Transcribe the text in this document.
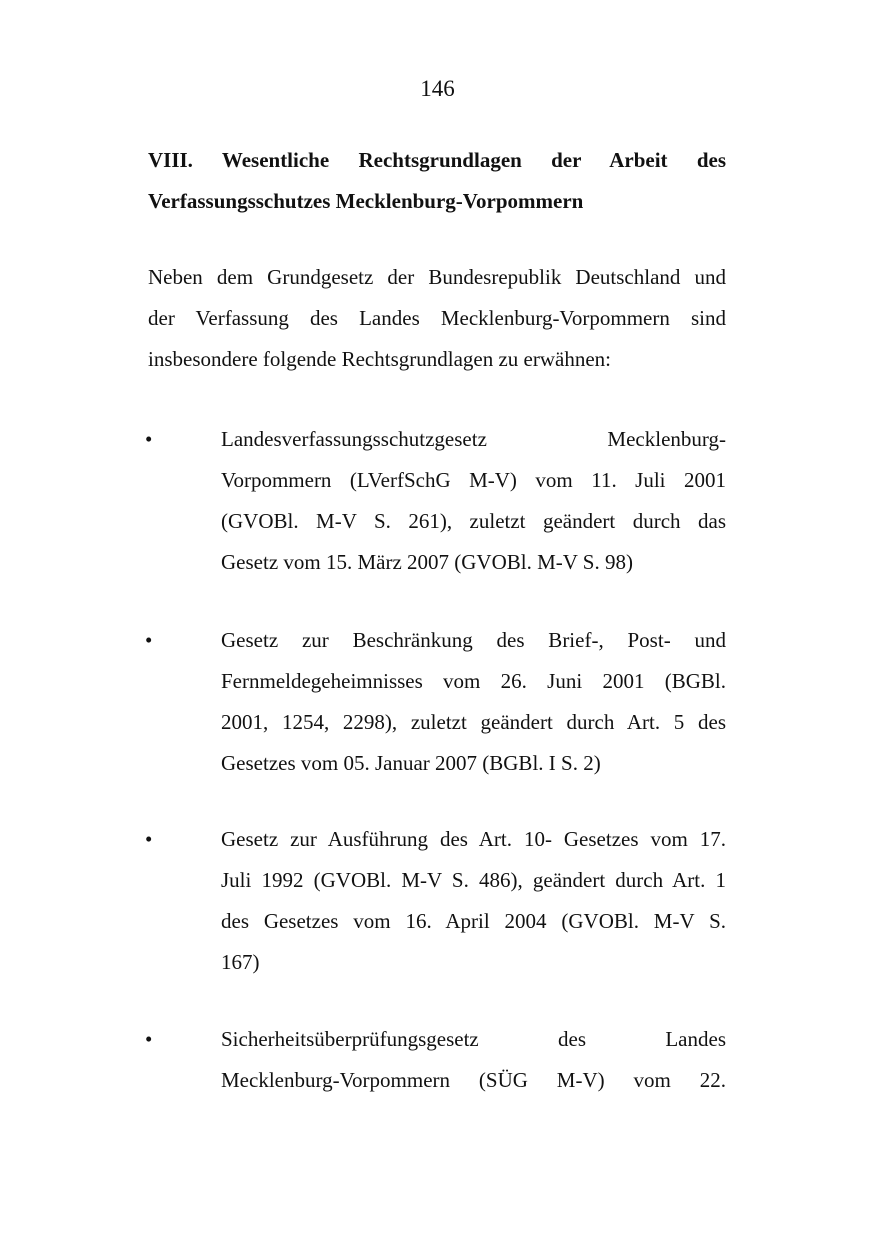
146
VIII. Wesentliche Rechtsgrundlagen der Arbeit des
Verfassungsschutzes Mecklenburg-Vorpommern
Neben dem Grundgesetz der Bundesrepublik Deutschland und
der Verfassung des Landes Mecklenburg-Vorpommern sind
insbesondere folgende Rechtsgrundlagen zu erwähnen:
•	Landesverfassungsschutzgesetz Mecklenburg-
Vorpommern (LVerfSchG M-V) vom 11. Juli 2001
(GVOBl. M-V S. 261), zuletzt geändert durch das
Gesetz vom 15. März 2007 (GVOBl. M-V S. 98)
•	Gesetz zur Beschränkung des Brief-, Post- und
Fernmeldegeheimnisses vom 26. Juni 2001 (BGBl.
2001, 1254, 2298), zuletzt geändert durch Art. 5 des
Gesetzes vom 05. Januar 2007 (BGBl. I S. 2)
•	Gesetz zur Ausführung des Art. 10- Gesetzes vom 17.
Juli 1992 (GVOBl. M-V S. 486), geändert durch Art. 1
des Gesetzes vom 16. April 2004 (GVOBl. M-V S.
167)
•	Sicherheitsüberprüfungsgesetz des Landes
Mecklenburg-Vorpommern (SÜG M-V) vom 22.
